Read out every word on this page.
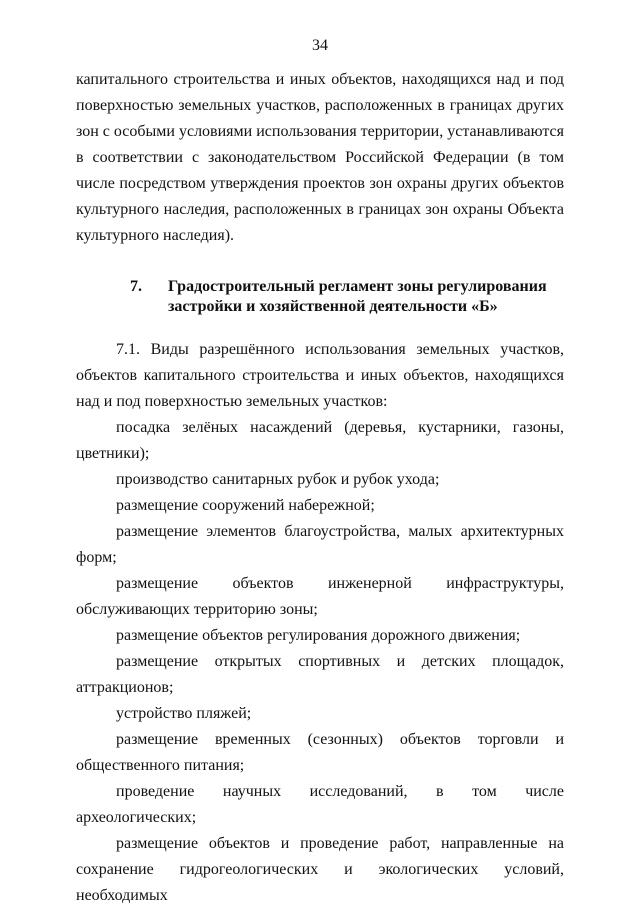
34

капитального строительства и иных объектов, находящихся над и под поверхностью земельных участков, расположенных в границах других зон с особыми условиями использования территории, устанавливаются в соответствии с законодательством Российской Федерации (в том числе посредством утверждения проектов зон охраны других объектов культурного наследия, расположенных в границах зон охраны Объекта культурного наследия).

7. Градостроительный регламент зоны регулирования
застройки и хозяйственной деятельности «Б»

7.1. Виды разрешённого использования земельных участков, объектов капитального строительства и иных объектов, находящихся над и под поверхностью земельных участков:

посадка зелёных насаждений (деревья, кустарники, газоны, цветники);

производство санитарных рубок и рубок ухода;

размещение сооружений набережной;

размещение элементов благоустройства, малых архитектурных форм;

размещение объектов инженерной инфраструктуры, обслуживающих территорию зоны;

размещение объектов регулирования дорожного движения;

размещение открытых спортивных и детских площадок, аттракционов;

устройство пляжей;

размещение временных (сезонных) объектов торговли и общественного питания;

проведение научных исследований, в том числе археологических;

размещение объектов и проведение работ, направленные на сохранение гидрогеологических и экологических условий, необходимых
